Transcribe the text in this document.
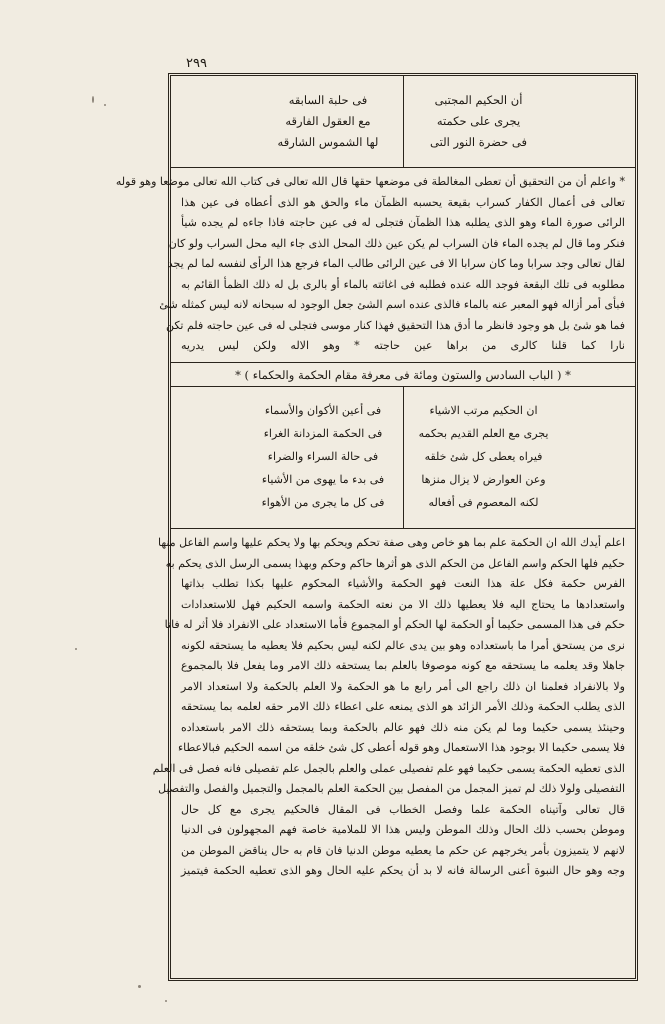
٢٩٩
أن الحكيم المجتبى
يجرى على حكمته
فى حضرة النور التى
فى حلبة السابقه
مع العقول الفارقه
لها الشموس الشارقه
* واعلم أن من التحقيق أن تعطى المغالطة فى موضعها حقها قال الله تعالى فى كتاب الله تعالى موضعا وهو قوله
تعالى فى أعمال الكفار كسراب بقيعة يحسبه الظمآن ماء والحق هو الذى أعطاه فى عين هذا
الرائى صورة الماء وهو الذى يطلبه هذا الظمآن فتجلى له فى عين حاجته فاذا جاءه لم يجده شيأ
فنكر وما قال لم يجده الماء فان السراب لم يكن عين ذلك المحل الذى جاء اليه محل السراب ولو كان
لقال تعالى وجد سرابا وما كان سرابا الا فى عين الرائى طالب الماء فرجع هذا الرأى لنفسه لما لم يجد
مطلوبه فى تلك البقعة فوجد الله عنده فطلبه فى اغاثته بالماء أو بالرى بل له ذلك الظمأ القائم به
فبأى أمر أزاله فهو المعبر عنه بالماء فالذى عنده اسم الشئ جعل الوجود له سبحانه لانه ليس كمثله شئ
فما هو شئ بل هو وجود فانظر ما أدق هذا التحقيق فهذا كنار موسى فتجلى له فى عين حاجته فلم تكن
نارا كما قلنا كالرى من براها عين حاجته * وهو الاله ولكن ليس يدريه
* ( الباب السادس والستون ومائة فى معرفة مقام الحكمة والحكماء ) *
ان الحكيم مرتب الاشياء
يجرى مع العلم القديم بحكمه
فيراه يعطى كل شئ خلقه
وعن العوارض لا يزال منزها
لكنه المعصوم فى أفعاله
فى أعين الأكوان والأسماء
فى الحكمة المزدانة الغراء
فى حالة السراء والضراء
فى بدء ما يهوى من الأشياء
فى كل ما يجرى من الأهواء
اعلم أيدك الله ان الحكمة علم بما هو خاص وهى صفة تحكم ويحكم بها ولا يحكم عليها واسم الفاعل منها
حكيم فلها الحكم واسم الفاعل من الحكم الذى هو أثرها حاكم وحكم وبهذا يسمى الرسل الذى يحكم به
الفرس حكمة فكل علة هذا النعت فهو الحكمة والأشياء المحكوم عليها بكذا تطلب بذاتها
واستعدادها ما يحتاج اليه فلا يعطيها ذلك الا من نعته الحكمة واسمه الحكيم فهل للاستعدادات
حكم فى هذا المسمى حكيما أو الحكمة لها الحكم أو المجموع فأما الاستعداد على الانفراد فلا أثر له فانا
نرى من يستحق أمرا ما باستعداده وهو بين يدى عالم لكنه ليس بحكيم فلا يعطيه ما يستحقه لكونه
جاهلا وقد يعلمه ما يستحقه مع كونه موصوفا بالعلم بما يستحقه ذلك الامر وما يفعل فلا بالمجموع
ولا بالانفراد فعلمنا ان ذلك راجع الى أمر رابع ما هو الحكمة ولا العلم بالحكمة ولا استعداد الامر
الذى يطلب الحكمة وذلك الأمر الزائد هو الذى يمنعه على اعطاء ذلك الامر حقه لعلمه بما يستحقه
وحينئذ يسمى حكيما وما لم يكن منه ذلك فهو عالم بالحكمة وبما يستحقه ذلك الامر باستعداده
فلا يسمى حكيما الا بوجود هذا الاستعمال وهو قوله أعطى كل شئ خلقه من اسمه الحكيم فبالاعطاء
الذى تعطيه الحكمة يسمى حكيما فهو علم تفصيلى عملى والعلم بالجمل علم تفصيلى فانه فصل فى العلم
التفصيلى ولولا ذلك لم تميز المجمل من المفصل بين الحكمة العلم بالمجمل والتجميل والفصل والتفصيل
قال تعالى وآتيناه الحكمة علما وفصل الخطاب فى المقال فالحكيم يجرى مع كل حال
وموطن بحسب ذلك الحال وذلك الموطن وليس هذا الا للملامية خاصة فهم المجهولون فى الدنيا
لانهم لا يتميزون بأمر يخرجهم عن حكم ما يعطيه موطن الدنيا فان قام به حال يناقض الموطن من
وجه وهو حال النبوة أعنى الرسالة فانه لا بد أن يحكم عليه الحال وهو الذى تعطيه الحكمة فيتميز
